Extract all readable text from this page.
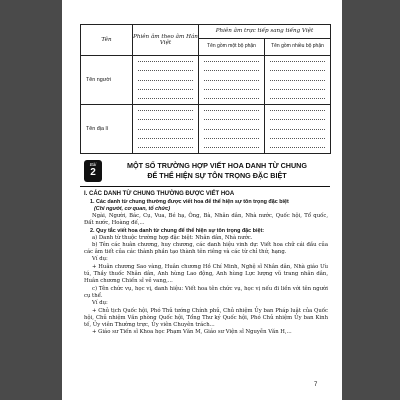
Tên	Phiên âm theo âm Hán Việt	Phiên âm trực tiếp sang tiếng Việt	
		Tên gồm một bộ phận	Tên gồm nhiều bộ phận
Tên người	

Tên địa lí	

Bài
2
MỘT SỐ TRƯỜNG HỢP VIẾT HOA DANH TỪ CHUNG
ĐỂ THỂ HIỆN SỰ TÔN TRỌNG ĐẶC BIỆT
I. CÁC DANH TỪ CHUNG THƯỜNG ĐƯỢC VIẾT HOA
1. Các danh từ chung thường được viết hoa để thể hiện sự tôn trọng đặc biệt
(Chỉ người, cơ quan, tổ chức)
Ngài, Người, Bác, Cụ, Vua, Bé hạ, Ông, Bà, Nhân dân, Nhà nước, Quốc hội, Tổ quốc, Đất nước, Hoàng đế,...
2. Quy tắc viết hoa danh từ chung để thể hiện sự tôn trọng đặc biệt:
a) Danh từ thuộc trường hợp đặc biệt: Nhân dân, Nhà nước.
b) Tên các huân chương, huy chương, các danh hiệu vinh dự: Viết hoa chữ cái đầu của các âm tiết của các thành phần tạo thành tên riêng và các từ chỉ thứ, hạng.
Ví dụ:
+ Huân chương Sao vàng, Huân chương Hồ Chí Minh, Nghệ sĩ Nhân dân, Nhà giáo Ưu tú, Thầy thuốc Nhân dân, Anh hùng Lao động, Anh hùng Lực lượng vũ trang nhân dân, Huân chương Chiến sĩ vẻ vang,...
c) Tên chức vụ, học vị, danh hiệu: Viết hoa tên chức vụ, học vị nếu đi liền với tên người cụ thể.
Ví dụ:
+ Chủ tịch Quốc hội, Phó Thủ tướng Chính phủ, Chủ nhiệm Ủy ban Pháp luật của Quốc hội, Chủ nhiệm Văn phòng Quốc hội, Tổng Thư ký Quốc hội, Phó Chủ nhiệm Ủy ban Kinh tế, Ủy viên Thường trực, Ủy viên Chuyên trách...
+ Giáo sư Tiến sĩ Khoa học Phạm Văn M, Giáo sư Viện sĩ Nguyễn Văn H,...
7
